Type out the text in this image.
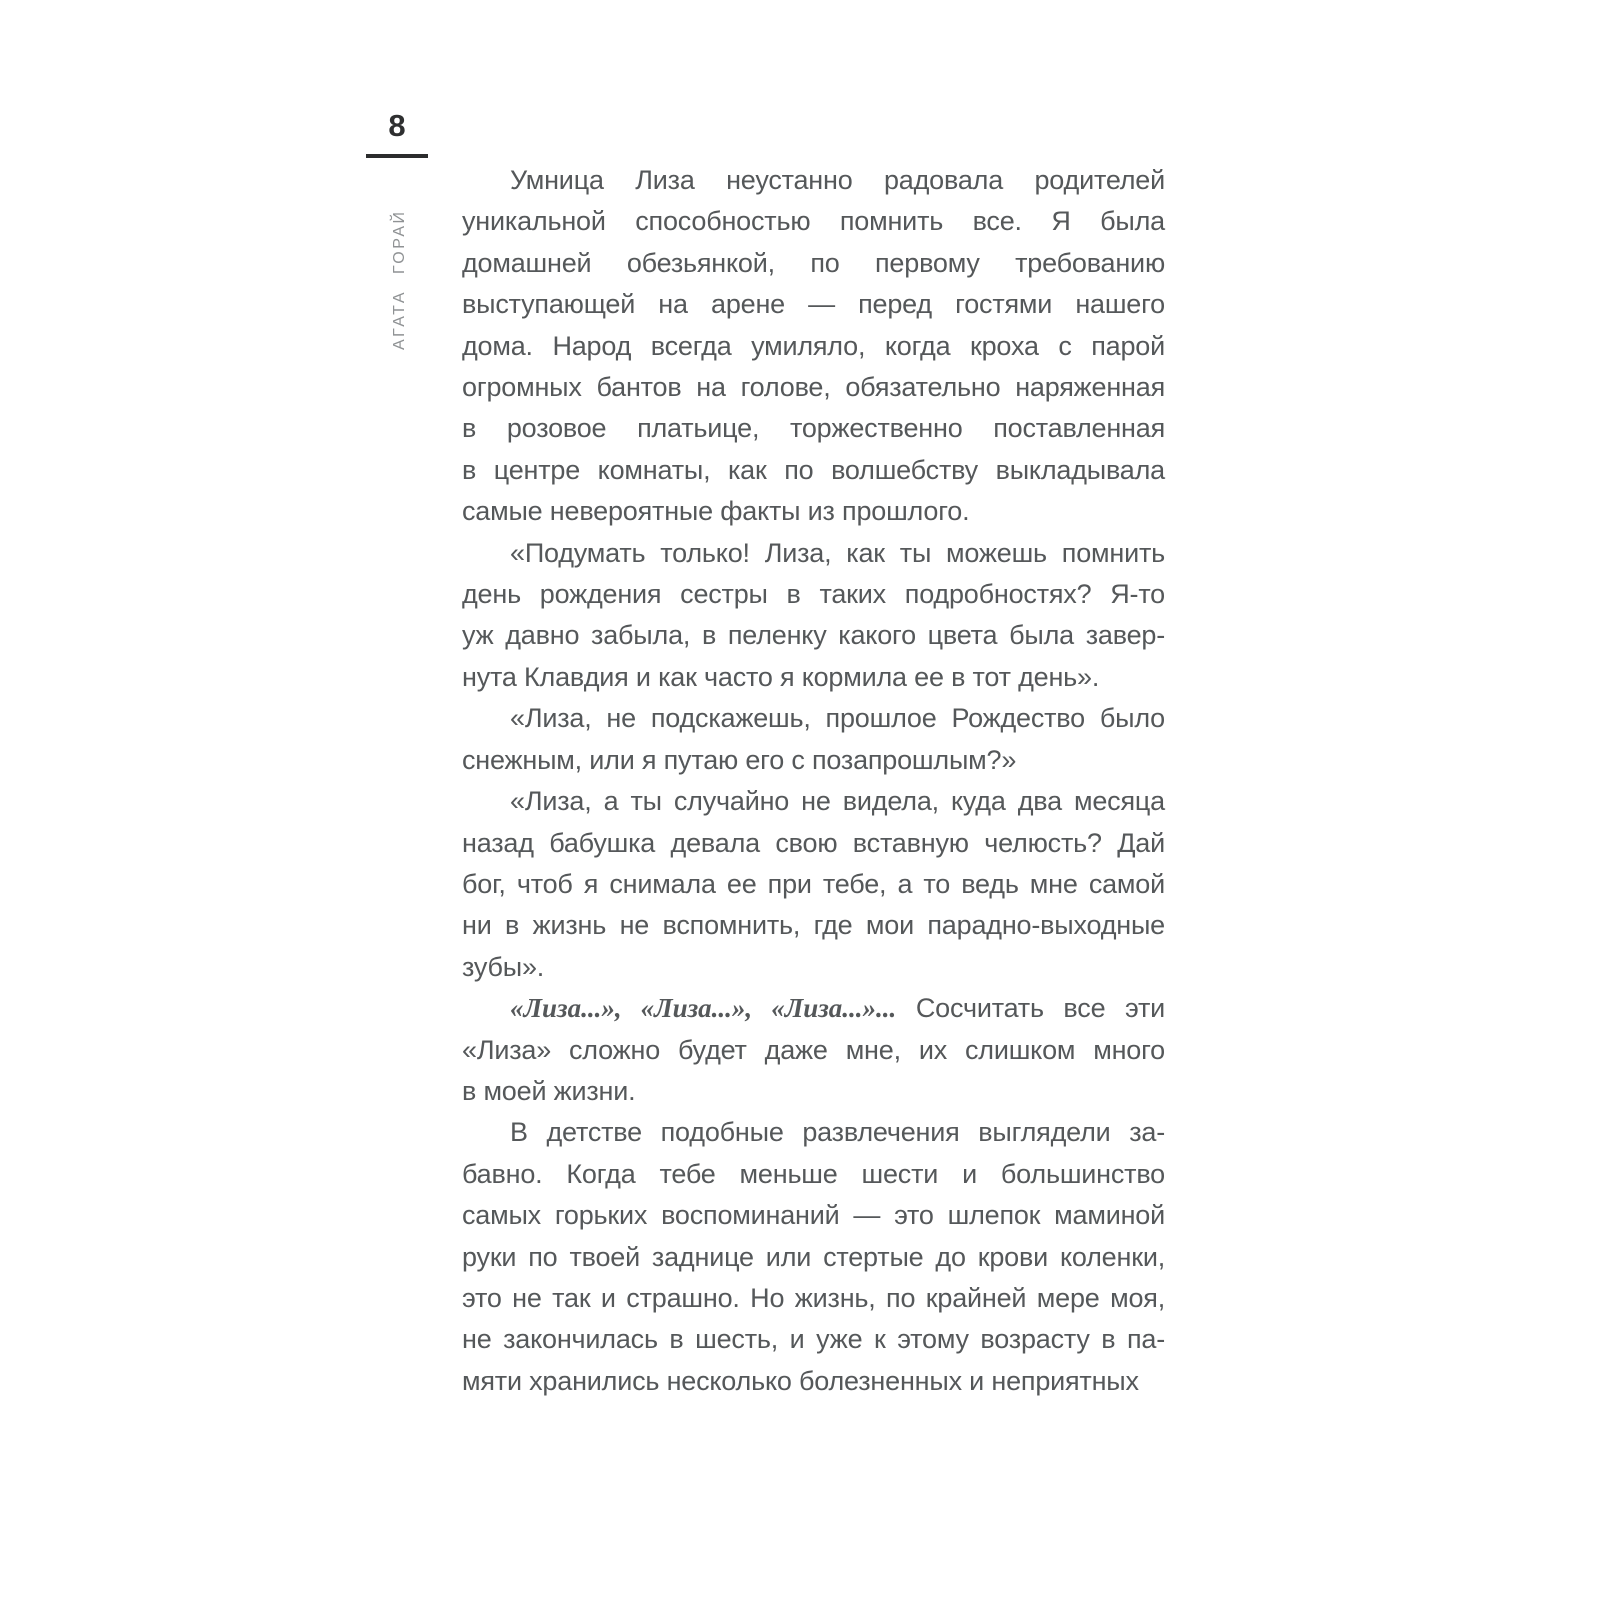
8
АГАТА ГОРАЙ
Умница Лиза неустанно радовала родителей
уникальной способностью помнить все. Я была
домашней обезьянкой, по первому требованию
выступающей на арене — перед гостями нашего
дома. Народ всегда умиляло, когда кроха с парой
огромных бантов на голове, обязательно наряженная
в розовое платьице, торжественно поставленная
в центре комнаты, как по волшебству выкладывала
самые невероятные факты из прошлого.
«Подумать только! Лиза, как ты можешь помнить
день рождения сестры в таких подробностях? Я-то
уж давно забыла, в пеленку какого цвета была завер-
нута Клавдия и как часто я кормила ее в тот день».
«Лиза, не подскажешь, прошлое Рождество было
снежным, или я путаю его с позапрошлым?»
«Лиза, а ты случайно не видела, куда два месяца
назад бабушка девала свою вставную челюсть? Дай
бог, чтоб я снимала ее при тебе, а то ведь мне самой
ни в жизнь не вспомнить, где мои парадно-выходные
зубы».
«Лиза...», «Лиза...», «Лиза...»... Сосчитать все эти
«Лиза» сложно будет даже мне, их слишком много
в моей жизни.
В детстве подобные развлечения выглядели за-
бавно. Когда тебе меньше шести и большинство
самых горьких воспоминаний — это шлепок маминой
руки по твоей заднице или стертые до крови коленки,
это не так и страшно. Но жизнь, по крайней мере моя,
не закончилась в шесть, и уже к этому возрасту в па-
мяти хранились несколько болезненных и неприятных
